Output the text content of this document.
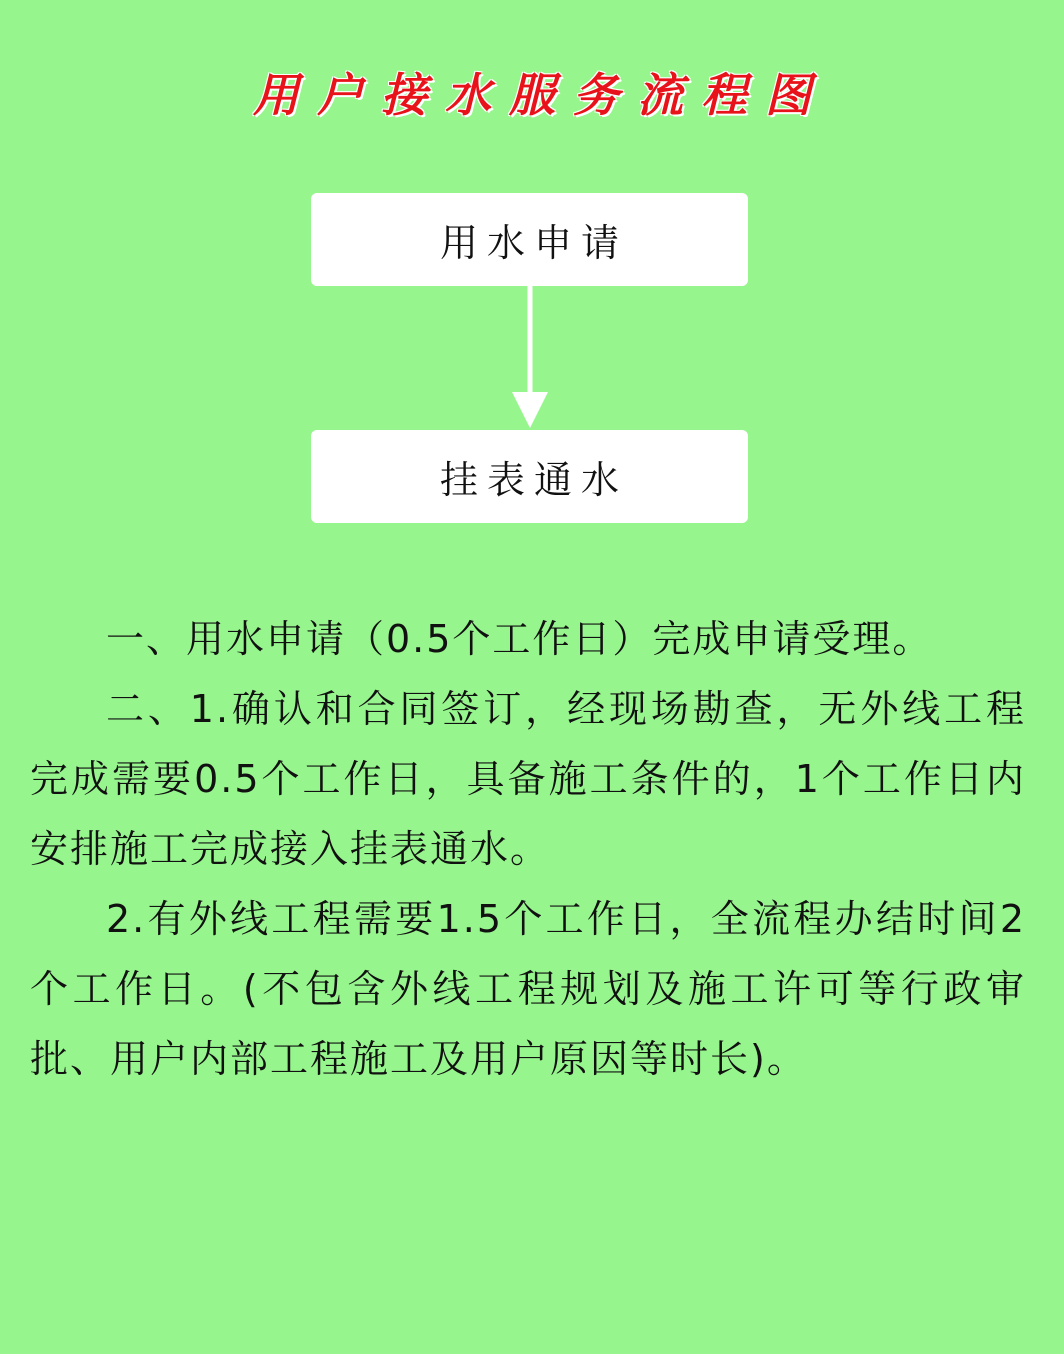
用户接水服务流程图
用水申请
挂表通水

一、用水申请（0.5个工作日）完成申请受理。

二、1.确认和合同签订，经现场勘查，无外线工程完成需要0.5个工作日，具备施工条件的，1个工作日内安排施工完成接入挂表通水。

2.有外线工程需要1.5个工作日，全流程办结时间2个工作日。(不包含外线工程规划及施工许可等行政审批、用户内部工程施工及用户原因等时长)。
